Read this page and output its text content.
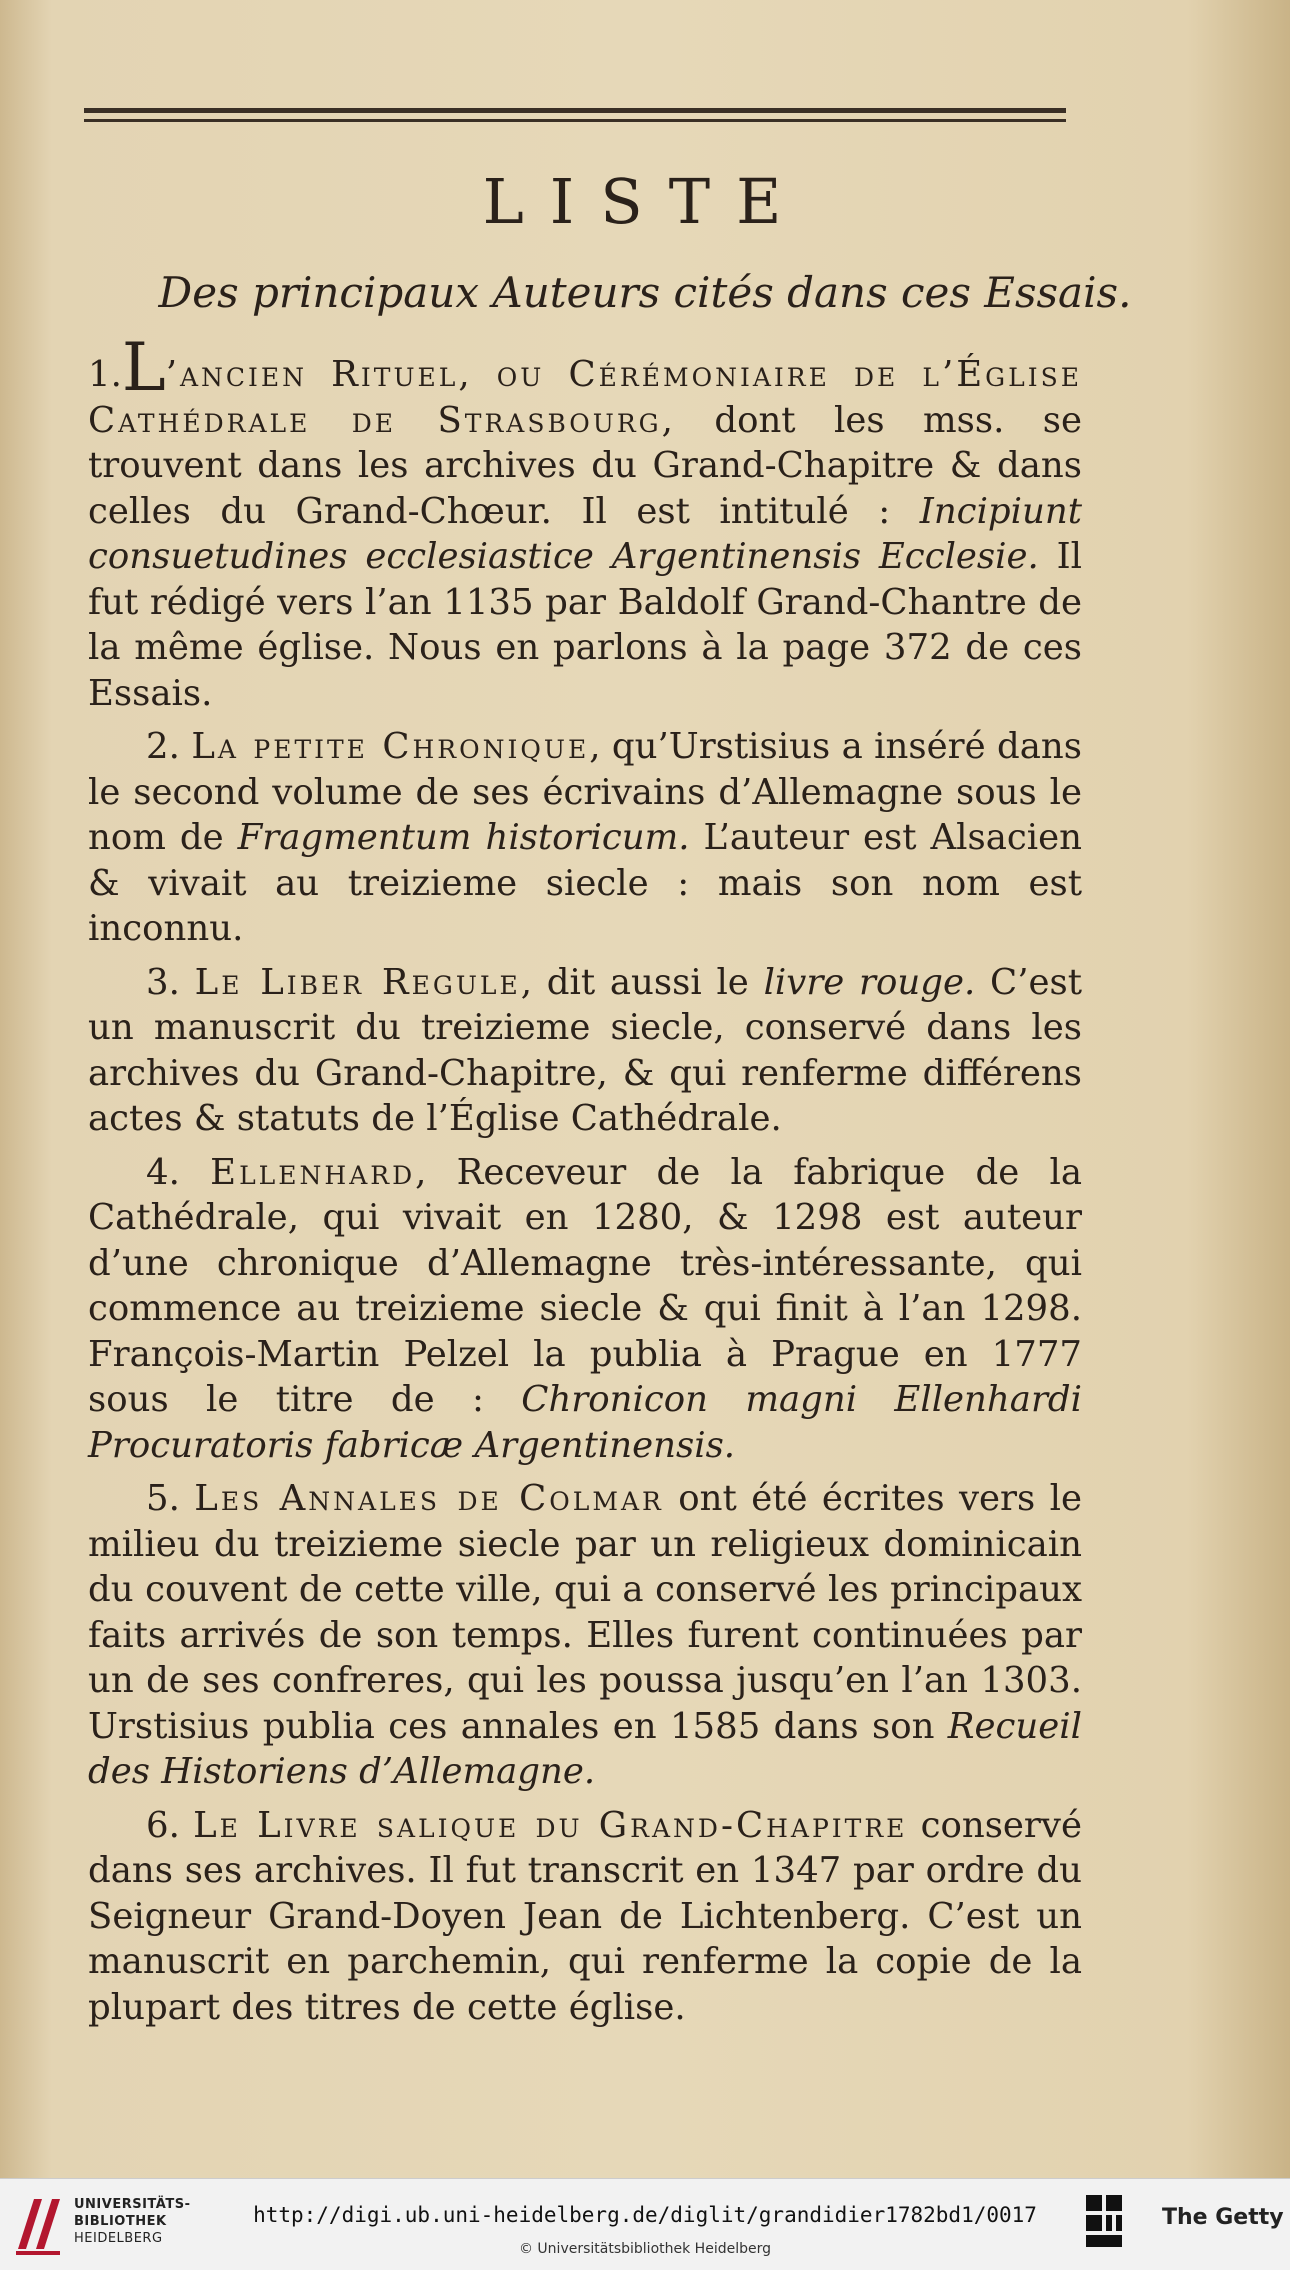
LISTE
Des principaux Auteurs cités dans ces Essais.

1.L’ancien Rituel, ou Cérémoniaire de l’Église Cathédrale de Strasbourg, dont les mss. se trouvent dans les archives du Grand-Chapitre & dans celles du Grand-Chœur. Il est intitulé : Incipiunt consuetudines ecclesiastice Argentinensis Ecclesie. Il fut rédigé vers l’an 1135 par Baldolf Grand-Chantre de la même église. Nous en parlons à la page 372 de ces Essais.

2. La petite Chronique, qu’Urstisius a inséré dans le second volume de ses écrivains d’Allemagne sous le nom de Fragmentum historicum. L’auteur est Alsacien & vivait au treizieme siecle : mais son nom est inconnu.

3. Le Liber Regule, dit aussi le livre rouge. C’est un manuscrit du treizieme siecle, conservé dans les archives du Grand-Chapitre, & qui renferme différens actes & statuts de l’Église Cathédrale.

4. Ellenhard, Receveur de la fabrique de la Cathédrale, qui vivait en 1280, & 1298 est auteur d’une chronique d’Allemagne très-intéressante, qui commence au treizieme siecle & qui finit à l’an 1298. François-Martin Pelzel la publia à Prague en 1777 sous le titre de : Chronicon magni Ellenhardi Procuratoris fabricæ Argentinensis.

5. Les Annales de Colmar ont été écrites vers le milieu du treizieme siecle par un religieux dominicain du couvent de cette ville, qui a conservé les principaux faits arrivés de son temps. Elles furent continuées par un de ses confreres, qui les poussa jusqu’en l’an 1303. Urstisius publia ces annales en 1585 dans son Recueil des Historiens d’Allemagne.

6. Le Livre salique du Grand-Chapitre conservé dans ses archives. Il fut transcrit en 1347 par ordre du Seigneur Grand-Doyen Jean de Lichtenberg. C’est un manuscrit en parchemin, qui renferme la copie de la plupart des titres de cette église.

UNIVERSITÄTS-
BIBLIOTHEK
HEIDELBERG
http://digi.ub.uni-heidelberg.de/diglit/grandidier1782bd1/0017
© Universitätsbibliothek Heidelberg
The Getty
